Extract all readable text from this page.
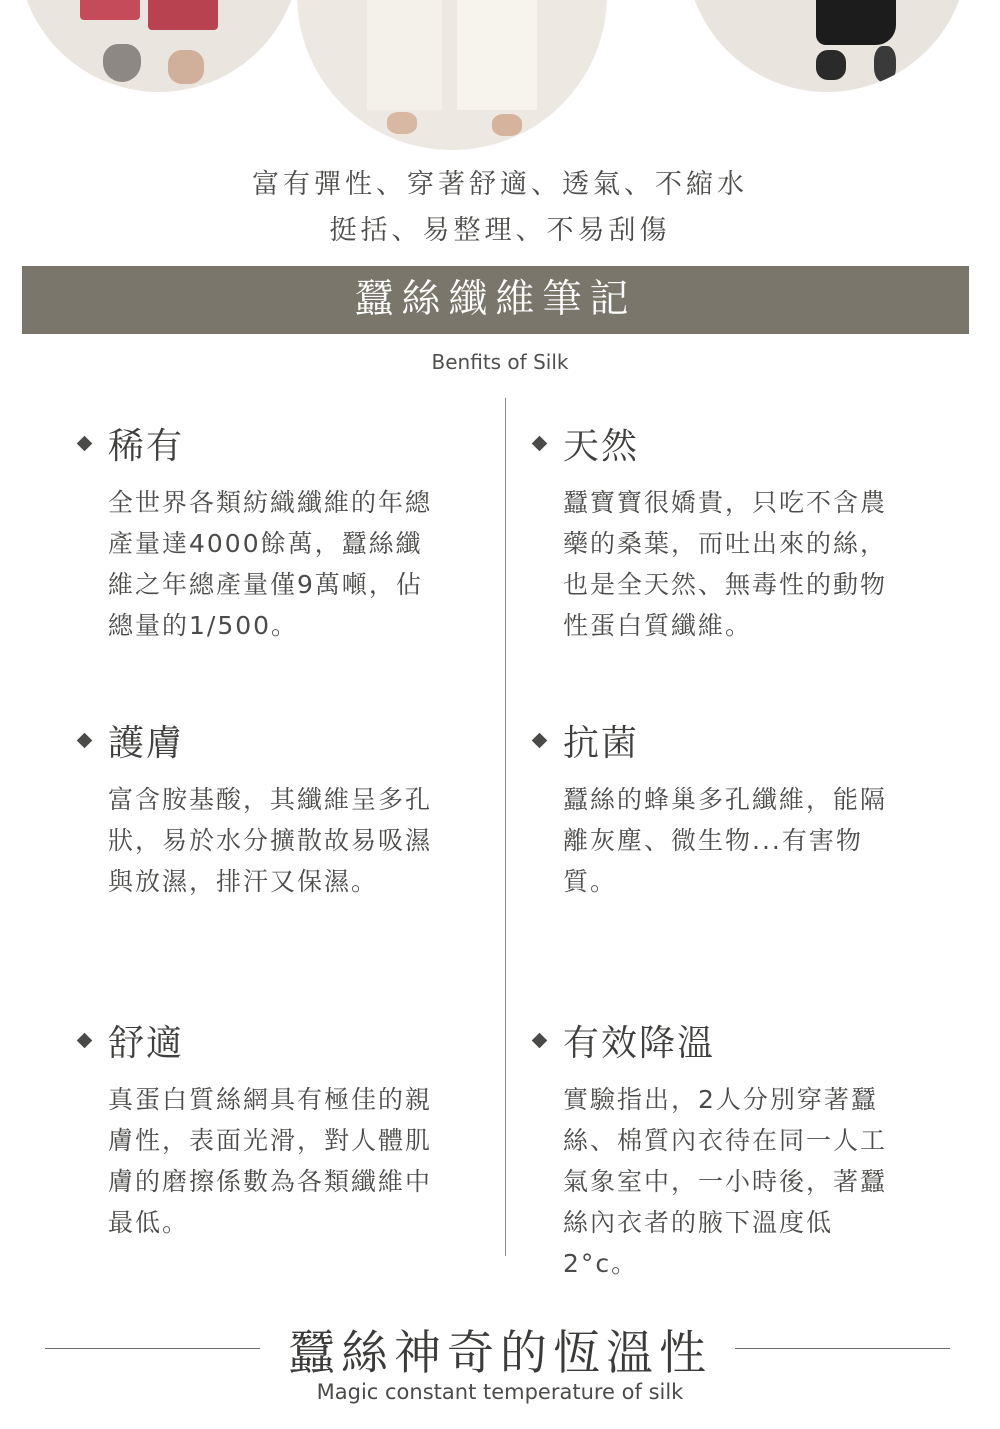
富有彈性、穿著舒適、透氣、不縮水
挺括、易整理、不易刮傷
蠶絲纖維筆記
Benfits of Silk
稀有
全世界各類紡織纖維的年總產量達4000餘萬，蠶絲纖維之年總產量僅9萬噸，佔總量的1/500。
天然
蠶寶寶很嬌貴，只吃不含農藥的桑葉，而吐出來的絲，也是全天然、無毒性的動物性蛋白質纖維。
護膚
富含胺基酸，其纖維呈多孔狀，易於水分擴散故易吸濕與放濕，排汗又保濕。
抗菌
蠶絲的蜂巢多孔纖維，能隔離灰塵、微生物...有害物質。
舒適
真蛋白質絲網具有極佳的親膚性，表面光滑，對人體肌膚的磨擦係數為各類纖維中最低。
有效降溫
實驗指出，2人分別穿著蠶絲、棉質內衣待在同一人工氣象室中，一小時後，著蠶絲內衣者的腋下溫度低2°c。
蠶絲神奇的恆溫性
Magic constant temperature of silk
